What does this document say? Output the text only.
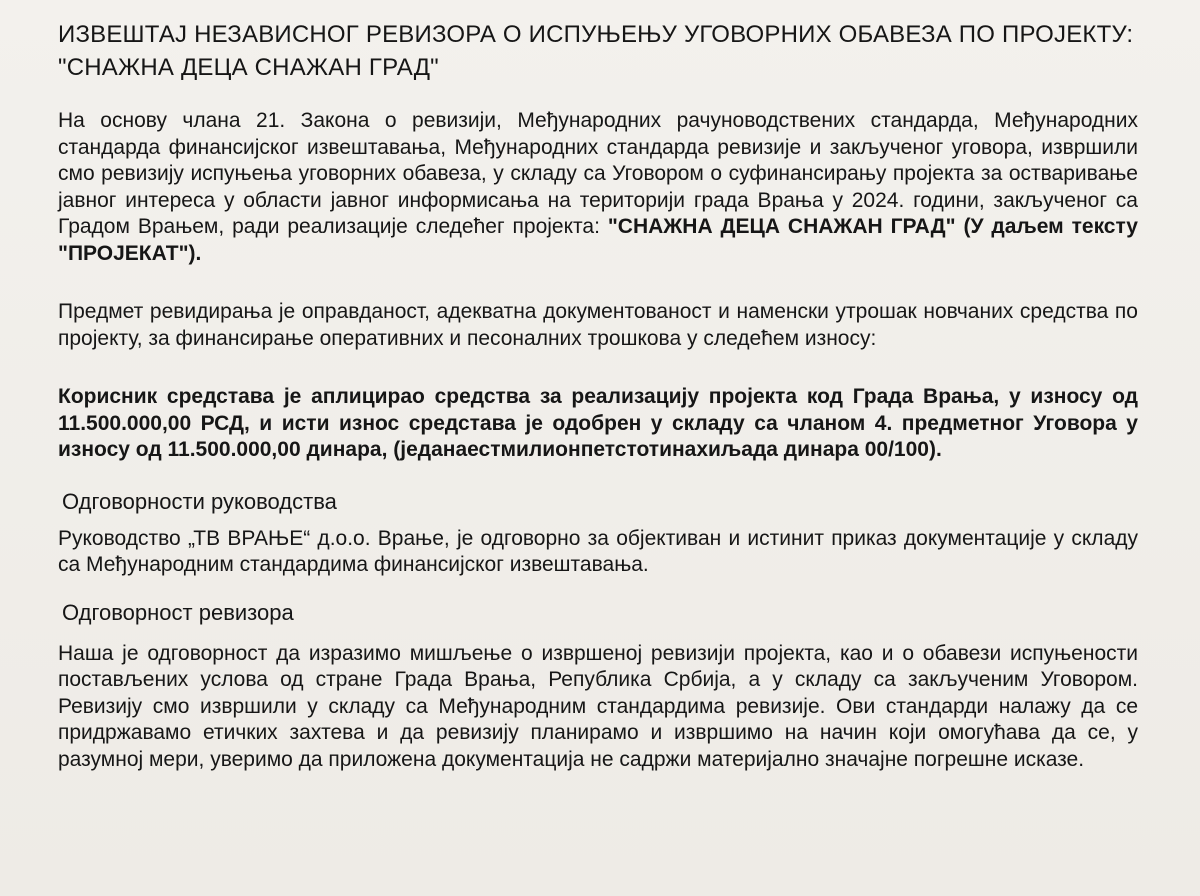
ИЗВЕШТАЈ НЕЗАВИСНОГ РЕВИЗОРА О ИСПУЊЕЊУ УГОВОРНИХ ОБАВЕЗА ПО ПРОЈЕКТУ: "СНАЖНА ДЕЦА СНАЖАН ГРАД"

На основу члана 21. Закона о ревизији, Међународних рачуноводствених стандарда, Међународних стандарда финансијског извештавања, Међународних стандарда ревизије и закљученог уговора, извршили смо ревизију испуњења уговорних обавеза, у складу са Уговором о суфинансирању пројекта за остваривање јавног интереса у области јавног информисања на територији града Врања у 2024. години, закљученог са Градом Врањем, ради реализације следећег пројекта: "СНАЖНА ДЕЦА СНАЖАН ГРАД" (У даљем тексту "ПРОЈЕКАТ").

Предмет ревидирања је оправданост, адекватна документованост и наменски утрошак новчаних средства по пројекту, за финансирање оперативних и песоналних трошкова у следећем износу:

Корисник средстава је аплицирао средства за реализацију пројекта код Града Врања, у износу од 11.500.000,00 РСД, и исти износ средстава је одобрен у складу са чланом 4. предметног Уговора у износу од 11.500.000,00 динара, (једанаестмилионпетстотинахиљада динара 00/100).

Одговорности руководства

Руководство „ТВ ВРАЊЕ“ д.о.о. Врање, је одговорно за објективан и истинит приказ документације у складу са Међународним стандардима финансијског извештавања.

Одговорност ревизора

Наша је одговорност да изразимо мишљење о извршеној ревизији пројекта, као и о обавези испуњености постављених услова од стране Града Врања, Република Србија, а у складу са закљученим Уговором. Ревизију смо извршили у складу са Међународним стандардима ревизије. Ови стандарди налажу да се придржавамо етичких захтева и да ревизију планирамо и извршимо на начин који омогућава да се, у разумној мери, уверимо да приложена документација не садржи материјално значајне погрешне исказе.
